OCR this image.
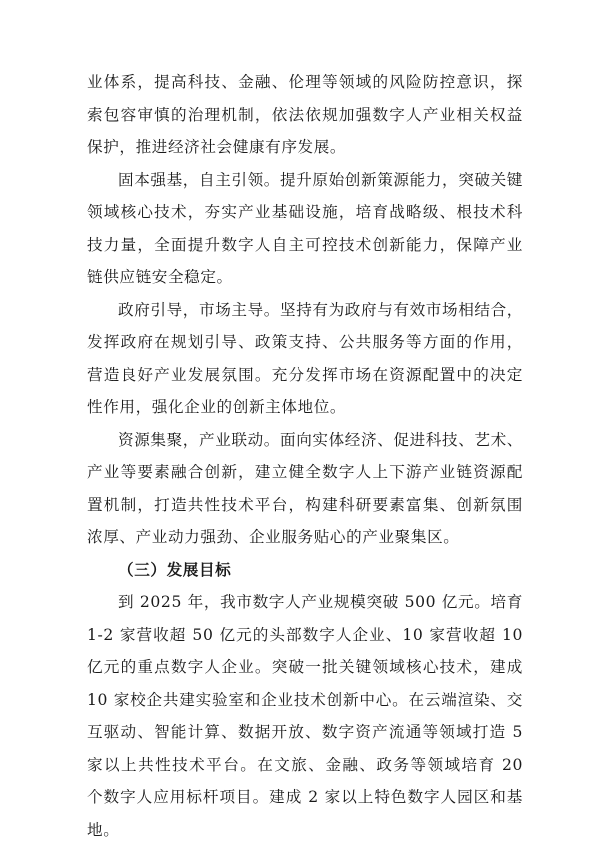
业体系，提高科技、金融、伦理等领域的风险防控意识，探索包容审慎的治理机制，依法依规加强数字人产业相关权益保护，推进经济社会健康有序发展。

固本强基，自主引领。提升原始创新策源能力，突破关键领域核心技术，夯实产业基础设施，培育战略级、根技术科技力量，全面提升数字人自主可控技术创新能力，保障产业链供应链安全稳定。

政府引导，市场主导。坚持有为政府与有效市场相结合，发挥政府在规划引导、政策支持、公共服务等方面的作用，营造良好产业发展氛围。充分发挥市场在资源配置中的决定性作用，强化企业的创新主体地位。

资源集聚，产业联动。面向实体经济、促进科技、艺术、产业等要素融合创新，建立健全数字人上下游产业链资源配置机制，打造共性技术平台，构建科研要素富集、创新氛围浓厚、产业动力强劲、企业服务贴心的产业聚集区。

（三）发展目标

到 2025 年，我市数字人产业规模突破 500 亿元。培育 1-2 家营收超 50 亿元的头部数字人企业、10 家营收超 10 亿元的重点数字人企业。突破一批关键领域核心技术，建成 10 家校企共建实验室和企业技术创新中心。在云端渲染、交互驱动、智能计算、数据开放、数字资产流通等领域打造 5 家以上共性技术平台。在文旅、金融、政务等领域培育 20 个数字人应用标杆项目。建成 2 家以上特色数字人园区和基地。
